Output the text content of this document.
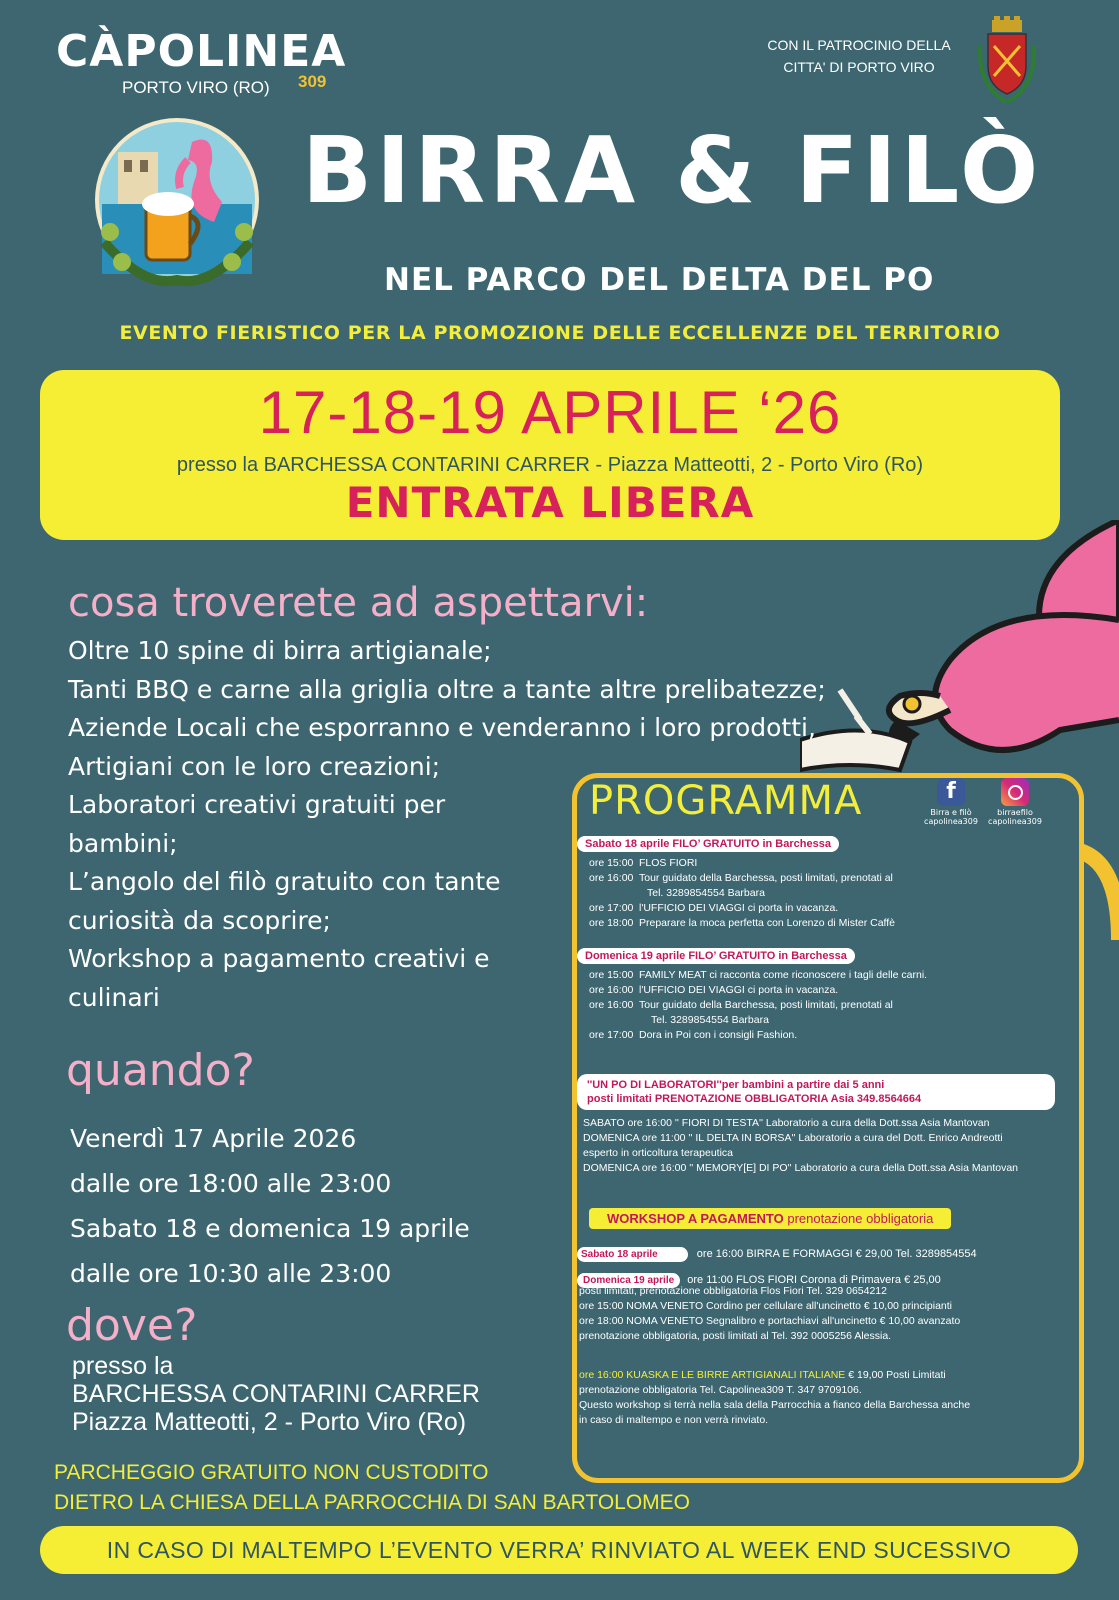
CÀPOLINEA
PORTO VIRO (RO) 309
CON IL PATROCINIO DELLA
CITTA' DI PORTO VIRO
BIRRA & FILÒ
NEL PARCO DEL DELTA DEL PO
EVENTO FIERISTICO PER LA PROMOZIONE DELLE ECCELLENZE DEL TERRITORIO
17-18-19 APRILE ‘26
presso la BARCHESSA CONTARINI CARRER - Piazza Matteotti, 2 - Porto Viro (Ro)
ENTRATA LIBERA
cosa troverete ad aspettarvi:
Oltre 10 spine di birra artigianale;
Tanti BBQ e carne alla griglia oltre a tante altre prelibatezze;
Aziende Locali che esporranno e venderanno i loro prodotti,
Artigiani con le loro creazioni;
Laboratori creativi gratuiti per
bambini;
L’angolo del filò gratuito con tante
curiosità da scoprire;
Workshop a pagamento creativi e
culinari
quando?
Venerdì 17 Aprile 2026
dalle ore 18:00 alle 23:00
Sabato 18 e domenica 19 aprile
dalle ore 10:30 alle 23:00
dove?
presso la
BARCHESSA CONTARINI CARRER
Piazza Matteotti, 2 - Porto Viro (Ro)
PARCHEGGIO GRATUITO NON CUSTODITO
DIETRO LA CHIESA DELLA PARROCCHIA DI SAN BARTOLOMEO
IN CASO DI MALTEMPO L’EVENTO VERRA’ RINVIATO AL WEEK END SUCESSIVO
PROGRAMMA	f
Birra e filò
capolinea309
birraefilo
capolinea309
Sabato 18 aprile FILO’ GRATUITO in Barchessa
ore 15:00 FLOS FIORI
ore 16:00 Tour guidato della Barchessa, posti limitati, prenotati al
Tel. 3289854554 Barbara
ore 17:00 l'UFFICIO DEI VIAGGI ci porta in vacanza.
ore 18:00 Preparare la moca perfetta con Lorenzo di Mister Caffè
Domenica 19 aprile FILO’ GRATUITO in Barchessa
ore 15:00 FAMILY MEAT ci racconta come riconoscere i tagli delle carni.
ore 16:00 l'UFFICIO DEI VIAGGI ci porta in vacanza.
ore 16:00 Tour guidato della Barchessa, posti limitati, prenotati al
Tel. 3289854554 Barbara
ore 17:00 Dora in Poi con i consigli Fashion.
''UN PO DI LABORATORI''per bambini a partire dai 5 anni
posti limitati PRENOTAZIONE OBBLIGATORIA Asia 349.8564664
SABATO ore 16:00 '' FIORI DI TESTA'' Laboratorio a cura della Dott.ssa Asia Mantovan
DOMENICA ore 11:00 '' IL DELTA IN BORSA'' Laboratorio a cura del Dott. Enrico Andreotti
esperto in orticoltura terapeutica
DOMENICA ore 16:00 '' MEMORY[E] DI PO'' Laboratorio a cura della Dott.ssa Asia Mantovan
WORKSHOP A PAGAMENTO prenotazione obbligatoria
Sabato 18 aprile	ore 16:00 BIRRA E FORMAGGI € 29,00 Tel. 3289854554
Domenica 19 aprile ore 11:00 FLOS FIORI Corona di Primavera € 25,00
posti limitati, prenotazione obbligatoria Flos Fiori Tel. 329 0654212
ore 15:00 NOMA VENETO Cordino per cellulare all'uncinetto € 10,00 principianti
ore 18:00 NOMA VENETO Segnalibro e portachiavi all'uncinetto € 10,00 avanzato
prenotazione obbligatoria, posti limitati al Tel. 392 0005256 Alessia.
ore 16:00 KUASKA E LE BIRRE ARTIGIANALI ITALIANE € 19,00 Posti Limitati
prenotazione obbligatoria Tel. Capolinea309 T. 347 9709106.
Questo workshop si terrà nella sala della Parrocchia a fianco della Barchessa anche
in caso di maltempo e non verrà rinviato.
